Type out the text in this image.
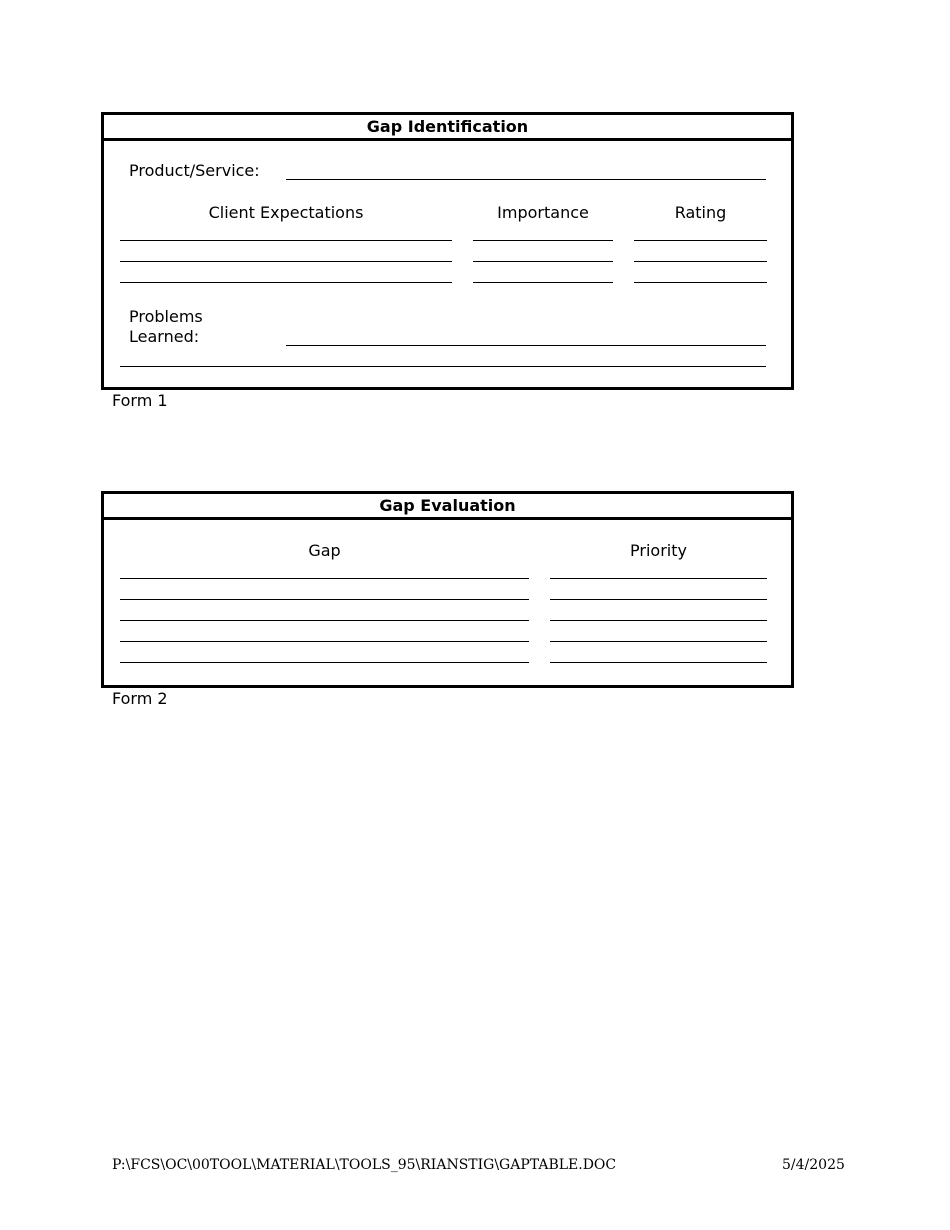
Gap Identification
Product/Service:
Client Expectations	Importance	Rating
Problems
Learned:
Form 1
Gap Evaluation
Gap	Priority
Form 2
P:\FCS\OC\00TOOL\MATERIAL\TOOLS_95\RIANSTIG\GAPTABLE.DOC	5/4/2025
